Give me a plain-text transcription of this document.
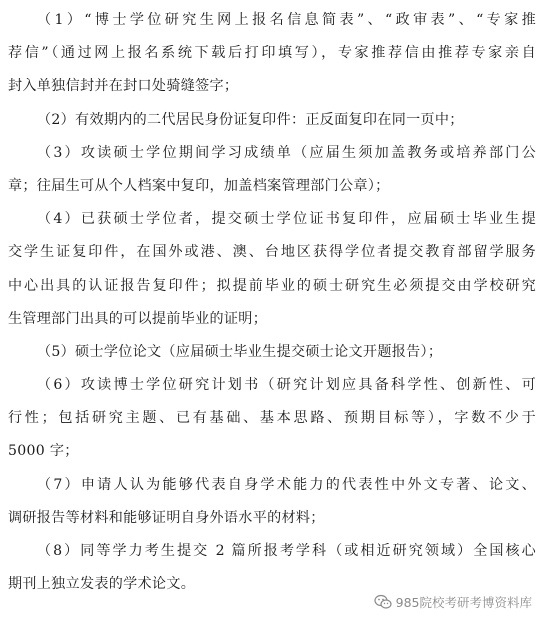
（1）“博士学位研究生网上报名信息简表”、“政审表”、“专家推
荐信”（通过网上报名系统下载后打印填写），专家推荐信由推荐专家亲自
封入单独信封并在封口处骑缝签字；
（2）有效期内的二代居民身份证复印件：正反面复印在同一页中；
（3）攻读硕士学位期间学习成绩单（应届生须加盖教务或培养部门公
章；往届生可从个人档案中复印，加盖档案管理部门公章）；
（4）已获硕士学位者，提交硕士学位证书复印件，应届硕士毕业生提
交学生证复印件，在国外或港、澳、台地区获得学位者提交教育部留学服务
中心出具的认证报告复印件；拟提前毕业的硕士研究生必须提交由学校研究
生管理部门出具的可以提前毕业的证明；
（5）硕士学位论文（应届硕士毕业生提交硕士论文开题报告）；
（6）攻读博士学位研究计划书（研究计划应具备科学性、创新性、可
行性；包括研究主题、已有基础、基本思路、预期目标等），字数不少于
5000 字；
（7）申请人认为能够代表自身学术能力的代表性中外文专著、论文、
调研报告等材料和能够证明自身外语水平的材料；
（8）同等学力考生提交 2 篇所报考学科（或相近研究领域）全国核心
期刊上独立发表的学术论文。
985院校考研考博资料库
